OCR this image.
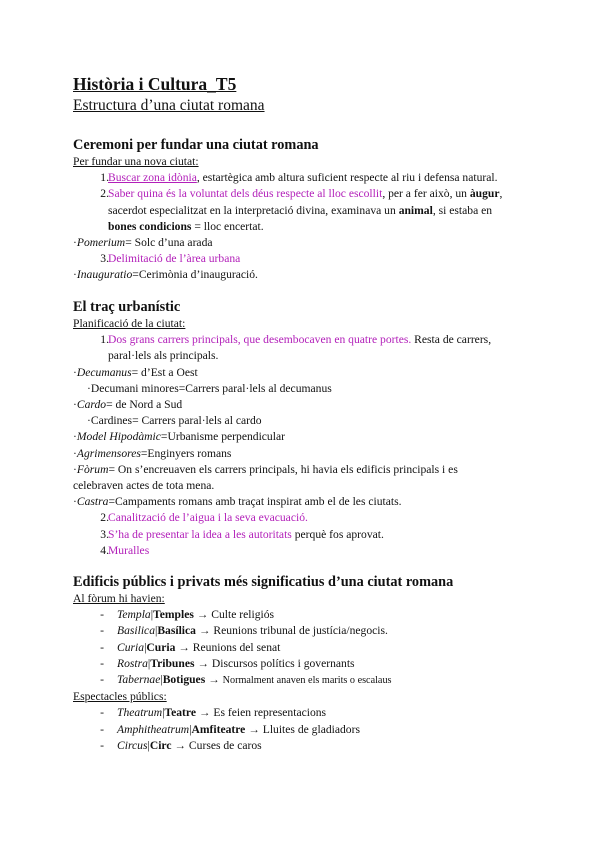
Història i Cultura_T5
Estructura d’una ciutat romana
Ceremoni per fundar una ciutat romana
Per fundar una nova ciutat:
1. Buscar zona idònia, estartègica amb altura suficient respecte al riu i defensa natural.
2. Saber quina és la voluntat dels déus respecte al lloc escollit, per a fer això, un àugur,
sacerdot especialitzat en la interpretació divina, examinava un animal, si estaba en
bones condicions = lloc encertat.
·Pomerium= Solc d’una arada
3. Delimitació de l’àrea urbana
·Inauguratio=Cerimònia d’inauguració.
El traç urbanístic
Planificació de la ciutat:
1. Dos grans carrers principals, que desembocaven en quatre portes. Resta de carrers,
paral·lels als principals.
·Decumanus= d’Est a Oest
·Decumani minores=Carrers paral·lels al decumanus
·Cardo= de Nord a Sud
·Cardines= Carrers paral·lels al cardo
·Model Hipodàmic=Urbanisme perpendicular
·Agrimensores=Enginyers romans
·Fòrum= On s’encreuaven els carrers principals, hi havia els edificis principals i es
celebraven actes de tota mena.
·Castra=Campaments romans amb traçat inspirat amb el de les ciutats.
2. Canalització de l’aigua i la seva evacuació.
3. S’ha de presentar la idea a les autoritats perquè fos aprovat.
4. Muralles
Edificis públics i privats més significatius d’una ciutat romana
Al fòrum hi havien:
- Templa|Temples → Culte religiós
- Basilica|Basílica → Reunions tribunal de justícia/negocis.
- Curia|Curia → Reunions del senat
- Rostra|Tribunes → Discursos polítics i governants
- Tabernae|Botigues → Normalment anaven els marits o escalaus
Espectacles públics:
- Theatrum|Teatre → Es feien representacions
- Amphitheatrum|Amfiteatre → Lluites de gladiadors
- Circus|Circ → Curses de caros
